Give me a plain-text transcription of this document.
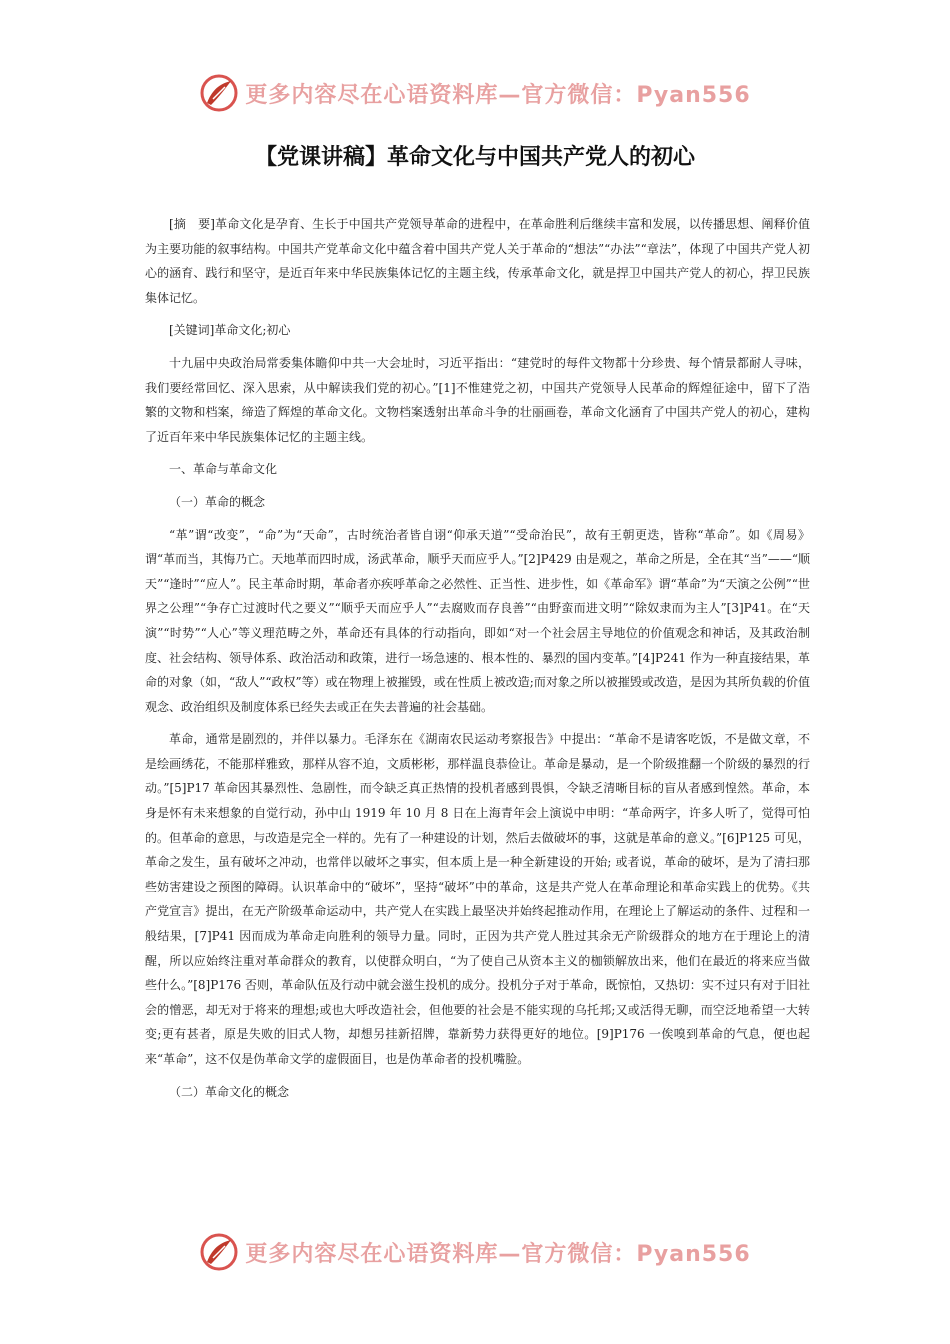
更多内容尽在心语资料库—官方微信：Pyan556
【党课讲稿】革命文化与中国共产党人的初心

[摘　要]革命文化是孕育、生长于中国共产党领导革命的进程中，在革命胜利后继续丰富和发展，以传播思想、阐释价值为主要功能的叙事结构。中国共产党革命文化中蕴含着中国共产党人关于革命的“想法”“办法”“章法”，体现了中国共产党人初心的涵育、践行和坚守，是近百年来中华民族集体记忆的主题主线，传承革命文化，就是捍卫中国共产党人的初心，捍卫民族集体记忆。

[关键词]革命文化;初心

十九届中央政治局常委集体瞻仰中共一大会址时，习近平指出：“建党时的每件文物都十分珍贵、每个情景都耐人寻味，我们要经常回忆、深入思索，从中解读我们党的初心。”[1]不惟建党之初，中国共产党领导人民革命的辉煌征途中，留下了浩繁的文物和档案，缔造了辉煌的革命文化。文物档案透射出革命斗争的壮丽画卷，革命文化涵育了中国共产党人的初心，建构了近百年来中华民族集体记忆的主题主线。

一、革命与革命文化

（一）革命的概念

“革”谓“改变”，“命”为“天命”，古时统治者皆自诩“仰承天道”“受命治民”，故有王朝更迭，皆称“革命”。如《周易》谓“革而当，其悔乃亡。天地革而四时成，汤武革命，顺乎天而应乎人。”[2]P429 由是观之，革命之所是，全在其“当”——“顺天”“逢时”“应人”。民主革命时期，革命者亦疾呼革命之必然性、正当性、进步性，如《革命军》谓“革命”为“天演之公例”“世界之公理”“争存亡过渡时代之要义”“顺乎天而应乎人”“去腐败而存良善”“由野蛮而进文明”“除奴隶而为主人”[3]P41。在“天演”“时势”“人心”等义理范畴之外，革命还有具体的行动指向，即如“对一个社会居主导地位的价值观念和神话，及其政治制度、社会结构、领导体系、政治活动和政策，进行一场急速的、根本性的、暴烈的国内变革。”[4]P241 作为一种直接结果，革命的对象（如，“敌人”“政权”等）或在物理上被摧毁，或在性质上被改造;而对象之所以被摧毁或改造，是因为其所负载的价值观念、政治组织及制度体系已经失去或正在失去普遍的社会基础。

革命，通常是剧烈的，并伴以暴力。毛泽东在《湖南农民运动考察报告》中提出：“革命不是请客吃饭，不是做文章，不是绘画绣花，不能那样雅致，那样从容不迫，文质彬彬，那样温良恭俭让。革命是暴动，是一个阶级推翻一个阶级的暴烈的行动。”[5]P17 革命因其暴烈性、急剧性，而令缺乏真正热情的投机者感到畏惧，令缺乏清晰目标的盲从者感到惶然。革命，本身是怀有未来想象的自觉行动，孙中山 1919 年 10 月 8 日在上海青年会上演说中申明：“革命两字，许多人听了，觉得可怕的。但革命的意思，与改造是完全一样的。先有了一种建设的计划，然后去做破坏的事，这就是革命的意义。”[6]P125 可见，革命之发生，虽有破坏之冲动，也常伴以破坏之事实，但本质上是一种全新建设的开始; 或者说，革命的破坏，是为了清扫那些妨害建设之预图的障碍。认识革命中的“破坏”，坚持“破坏”中的革命，这是共产党人在革命理论和革命实践上的优势。《共产党宣言》提出，在无产阶级革命运动中，共产党人在实践上最坚决并始终起推动作用，在理论上了解运动的条件、过程和一般结果，[7]P41 因而成为革命走向胜利的领导力量。同时，正因为共产党人胜过其余无产阶级群众的地方在于理论上的清醒，所以应始终注重对革命群众的教育，以使群众明白，“为了使自己从资本主义的枷锁解放出来，他们在最近的将来应当做些什么。”[8]P176 否则，革命队伍及行动中就会滋生投机的成分。投机分子对于革命，既惊怕，又热切：实不过只有对于旧社会的憎恶，却无对于将来的理想;或也大呼改造社会，但他要的社会是不能实现的乌托邦;又或活得无聊，而空泛地希望一大转变;更有甚者，原是失败的旧式人物，却想另挂新招牌，靠新势力获得更好的地位。[9]P176 一俟嗅到革命的气息，便也起来“革命”，这不仅是伪革命文学的虚假面目，也是伪革命者的投机嘴脸。

（二）革命文化的概念

更多内容尽在心语资料库—官方微信：Pyan556
